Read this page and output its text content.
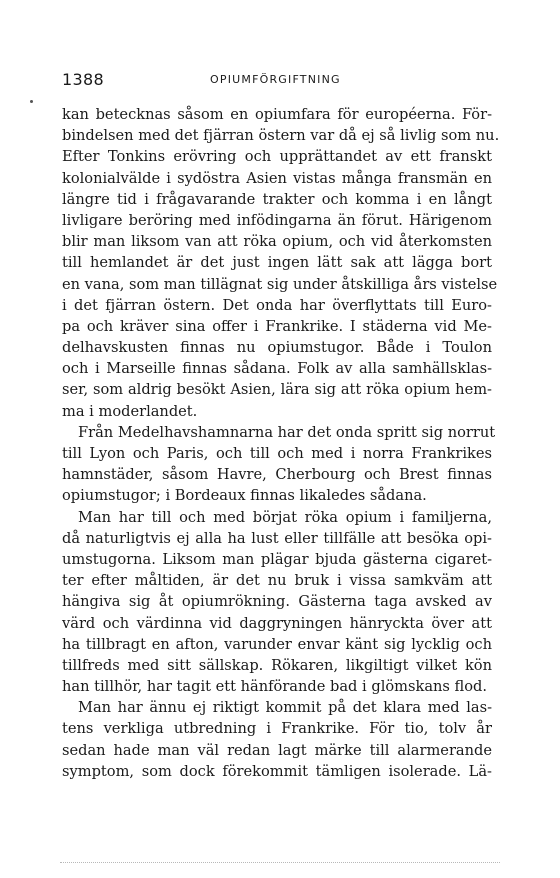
1388	OPIUMFÖRGIFTNING
kan betecknas såsom en opiumfara för européerna. För-
bindelsen med det fjärran östern var då ej så livlig som nu.
Efter Tonkins erövring och upprättandet av ett franskt
kolonialvälde i sydöstra Asien vistas många fransmän en
längre tid i frågavarande trakter och komma i en långt
livligare beröring med infödingarna än förut. Härigenom
blir man liksom van att röka opium, och vid återkomsten
till hemlandet är det just ingen lätt sak att lägga bort
en vana, som man tillägnat sig under åtskilliga års vistelse
i det fjärran östern. Det onda har överflyttats till Euro-
pa och kräver sina offer i Frankrike. I städerna vid Me-
delhavskusten finnas nu opiumstugor. Både i Toulon
och i Marseille finnas sådana. Folk av alla samhällsklas-
ser, som aldrig besökt Asien, lära sig att röka opium hem-
ma i moderlandet.
Från Medelhavshamnarna har det onda spritt sig norrut
till Lyon och Paris, och till och med i norra Frankrikes
hamnstäder, såsom Havre, Cherbourg och Brest finnas
opiumstugor; i Bordeaux finnas likaledes sådana.
Man har till och med börjat röka opium i familjerna,
då naturligtvis ej alla ha lust eller tillfälle att besöka opi-
umstugorna. Liksom man plägar bjuda gästerna cigaret-
ter efter måltiden, är det nu bruk i vissa samkväm att
hängiva sig åt opiumrökning. Gästerna taga avsked av
värd och värdinna vid daggryningen hänryckta över att
ha tillbragt en afton, varunder envar känt sig lycklig och
tillfreds med sitt sällskap. Rökaren, likgiltigt vilket kön
han tillhör, har tagit ett hänförande bad i glömskans flod.
Man har ännu ej riktigt kommit på det klara med las-
tens verkliga utbredning i Frankrike. För tio, tolv år
sedan hade man väl redan lagt märke till alarmerande
symptom, som dock förekommit tämligen isolerade. Lä-
